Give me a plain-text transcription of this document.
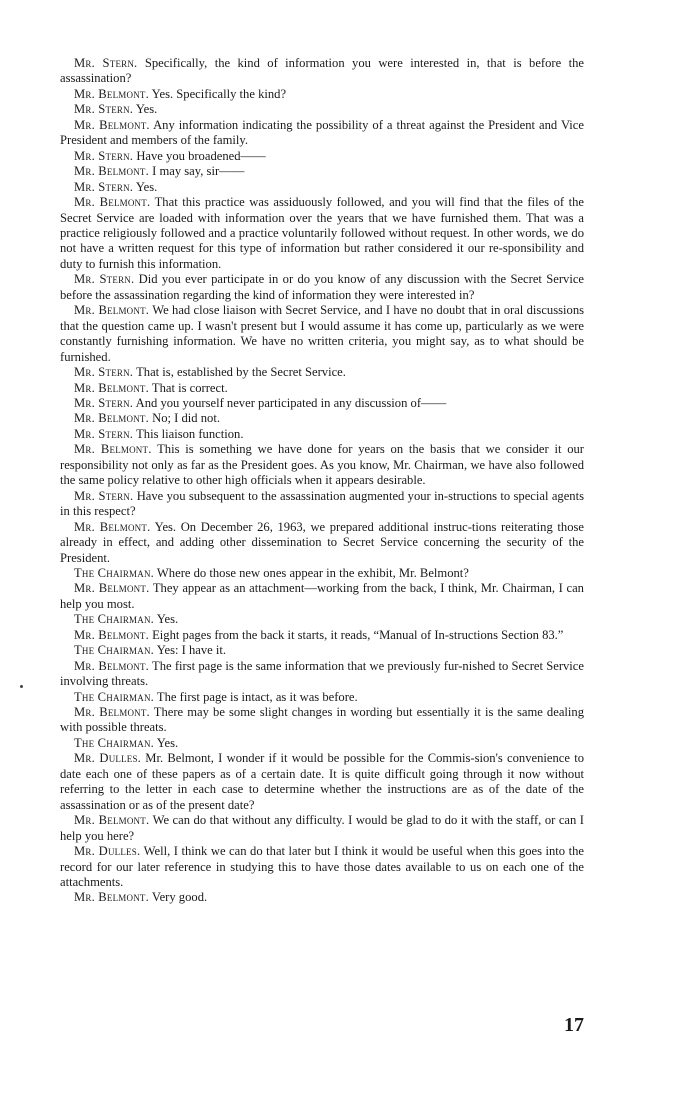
Mr. Stern. Specifically, the kind of information you were interested in, that is before the assassination?

Mr. Belmont. Yes. Specifically the kind?

Mr. Stern. Yes.

Mr. Belmont. Any information indicating the possibility of a threat against the President and Vice President and members of the family.

Mr. Stern. Have you broadened——

Mr. Belmont. I may say, sir——

Mr. Stern. Yes.

Mr. Belmont. That this practice was assiduously followed, and you will find that the files of the Secret Service are loaded with information over the years that we have furnished them. That was a practice religiously followed and a practice voluntarily followed without request. In other words, we do not have a written request for this type of information but rather considered it our re-sponsibility and duty to furnish this information.

Mr. Stern. Did you ever participate in or do you know of any discussion with the Secret Service before the assassination regarding the kind of information they were interested in?

Mr. Belmont. We had close liaison with Secret Service, and I have no doubt that in oral discussions that the question came up. I wasn't present but I would assume it has come up, particularly as we were constantly furnishing information. We have no written criteria, you might say, as to what should be furnished.

Mr. Stern. That is, established by the Secret Service.

Mr. Belmont. That is correct.

Mr. Stern. And you yourself never participated in any discussion of——

Mr. Belmont. No; I did not.

Mr. Stern. This liaison function.

Mr. Belmont. This is something we have done for years on the basis that we consider it our responsibility not only as far as the President goes. As you know, Mr. Chairman, we have also followed the same policy relative to other high officials when it appears desirable.

Mr. Stern. Have you subsequent to the assassination augmented your in-structions to special agents in this respect?

Mr. Belmont. Yes. On December 26, 1963, we prepared additional instruc-tions reiterating those already in effect, and adding other dissemination to Secret Service concerning the security of the President.

The Chairman. Where do those new ones appear in the exhibit, Mr. Belmont?

Mr. Belmont. They appear as an attachment—working from the back, I think, Mr. Chairman, I can help you most.

The Chairman. Yes.

Mr. Belmont. Eight pages from the back it starts, it reads, “Manual of In-structions Section 83.”

The Chairman. Yes: I have it.

Mr. Belmont. The first page is the same information that we previously fur-nished to Secret Service involving threats.

The Chairman. The first page is intact, as it was before.

Mr. Belmont. There may be some slight changes in wording but essentially it is the same dealing with possible threats.

The Chairman. Yes.

Mr. Dulles. Mr. Belmont, I wonder if it would be possible for the Commis-sion's convenience to date each one of these papers as of a certain date. It is quite difficult going through it now without referring to the letter in each case to determine whether the instructions are as of the date of the assassination or as of the present date?

Mr. Belmont. We can do that without any difficulty. I would be glad to do it with the staff, or can I help you here?

Mr. Dulles. Well, I think we can do that later but I think it would be useful when this goes into the record for our later reference in studying this to have those dates available to us on each one of the attachments.

Mr. Belmont. Very good.

17
